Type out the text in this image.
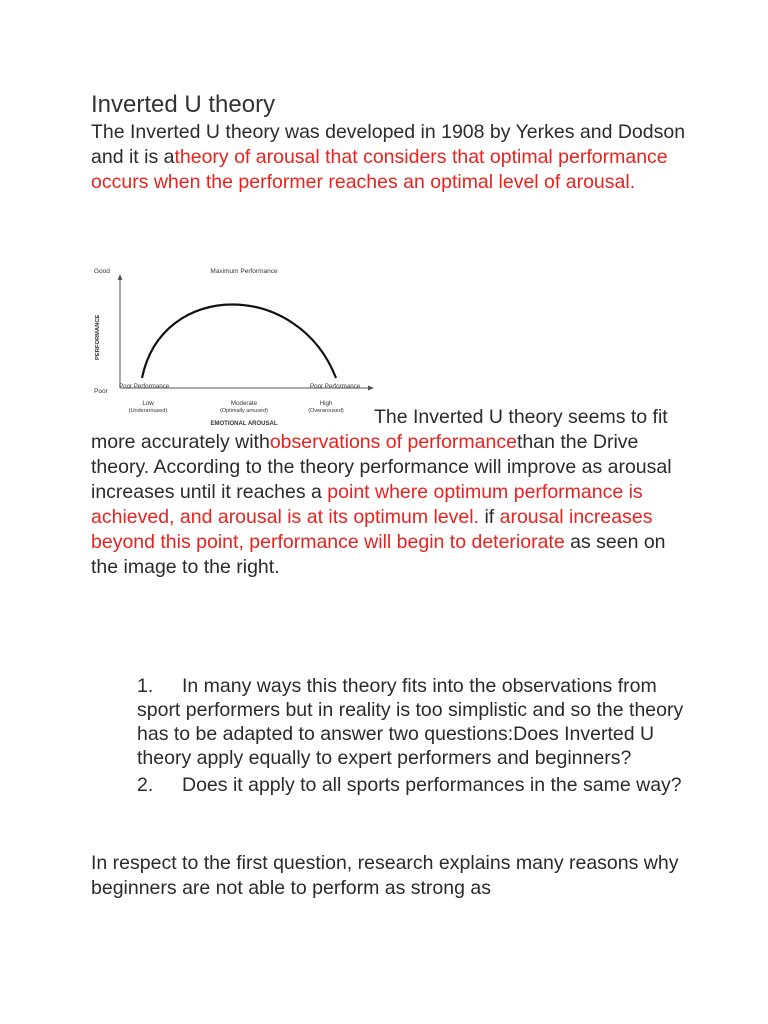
Inverted U theory

The Inverted U theory was developed in 1908 by Yerkes and Dodson and it is atheory of arousal that considers that optimal performance occurs when the performer reaches an optimal level of arousal.

Good
Poor
PERFORMANCE
Maximum Performance
Poor Performance	Poor Performance
Low
(Underaroused)
Moderate
(Optimally aroused)
High
(Overaroused)
EMOTIONAL AROUSAL	The Inverted U theory seems to fit more accurately withobservations of performancethan the Drive theory. According to the theory performance will improve as arousal increases until it reaches a point where optimum performance is achieved, and arousal is at its optimum level. if arousal increases beyond this point, performance will begin to deteriorate as seen on the image to the right.

1. In many ways this theory fits into the observations from sport performers but in reality is too simplistic and so the theory has to be adapted to answer two questions:Does Inverted U theory apply equally to expert performers and beginners?
2. Does it apply to all sports performances in the same way?

In respect to the first question, research explains many reasons why beginners are not able to perform as strong as
